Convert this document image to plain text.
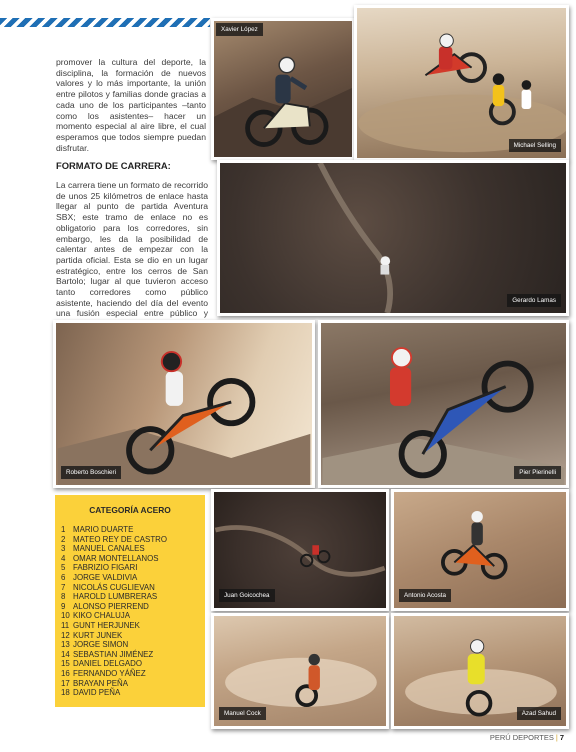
Xavier López
Michael Selling

promover la cultura del deporte, la disciplina, la formación de nuevos valores y lo más importante, la unión entre pilotos y familias donde gracias a cada uno de los participantes –tanto como los asistentes– hacer un momento especial al aire libre, el cual esperamos que todos siempre puedan disfrutar.

FORMATO DE CARRERA:

La carrera tiene un formato de recorrido de unos 25 kilómetros de enlace hasta llegar al punto de partida Aventura SBX; este tramo de enlace no es obligatorio para los corredores, sin embargo, les da la posibilidad de calentar antes de empezar con la partida oficial. Esta se dio en un lugar estratégico, entre los cerros de San Bartolo; lugar al que tuvieron acceso tanto corredores como público asistente, haciendo del día del evento una fusión especial entre público y

Gerardo Lamas
Roberto Boschieri	Pier Pierinelli
CATEGORÍA ACERO
1 MARIO DUARTE
2 MATEO REY DE CASTRO
3 MANUEL CANALES
4 OMAR MONTELLANOS
5 FABRIZIO FIGARI
6 JORGE VALDIVIA
7 NICOLÁS CUGLIEVAN
8 HAROLD LUMBRERAS
9 ALONSO PIERREND
10 KIKO CHALUJA
11 GUNT HERJUNEK
12 KURT JUNEK
13 JORGE SIMON
14 SEBASTIAN JIMÉNEZ
15 DANIEL DELGADO
16 FERNANDO YÁÑEZ
17 BRAYAN PEÑA
18 DAVID PEÑA
Juan Goicochea	Antonio Acosta
Manuel Cock	Azad Sahud
PERÚ DEPORTES | 7
